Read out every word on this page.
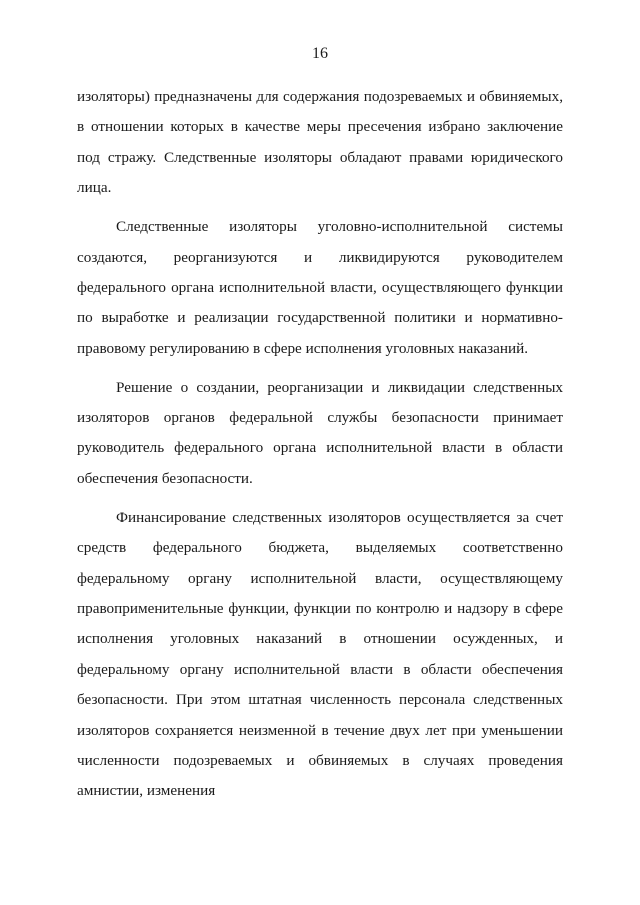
16

изоляторы) предназначены для содержания подозреваемых и обвиняемых, в отношении которых в качестве меры пресечения избрано заключение под стражу. Следственные изоляторы обладают правами юридического лица.

Следственные изоляторы уголовно-исполнительной системы создаются, реорганизуются и ликвидируются руководителем федерального органа исполнительной власти, осуществляющего функции по выработке и реализации государственной политики и нормативно-правовому регулированию в сфере исполнения уголовных наказаний.

Решение о создании, реорганизации и ликвидации следственных изоляторов органов федеральной службы безопасности принимает руководитель федерального органа исполнительной власти в области обеспечения безопасности.

Финансирование следственных изоляторов осуществляется за счет средств федерального бюджета, выделяемых соответственно федеральному органу исполнительной власти, осуществляющему правоприменительные функции, функции по контролю и надзору в сфере исполнения уголовных наказаний в отношении осужденных, и федеральному органу исполнительной власти в области обеспечения безопасности. При этом штатная численность персонала следственных изоляторов сохраняется неизменной в течение двух лет при уменьшении численности подозреваемых и обвиняемых в случаях проведения амнистии, изменения
